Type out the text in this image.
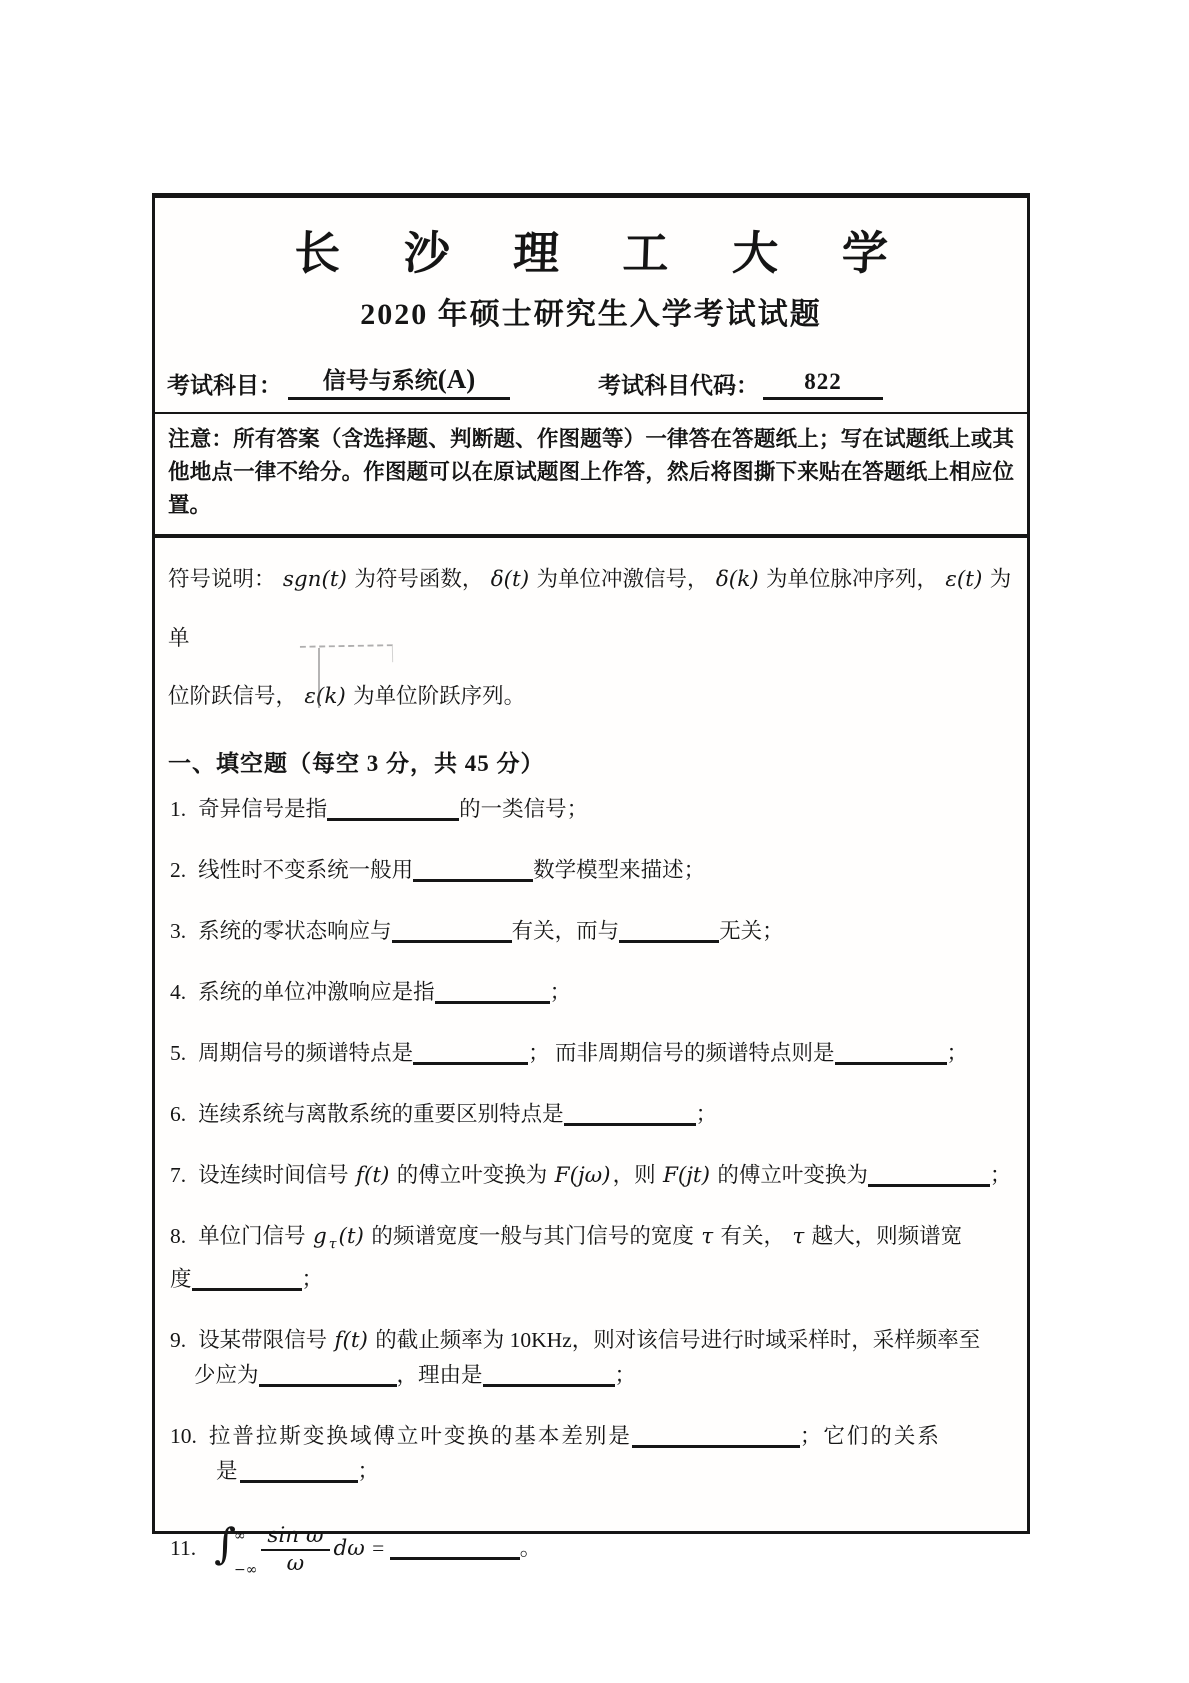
长 沙 理 工 大 学
2020 年硕士研究生入学考试试题
考试科目：	信号与系统(A)	考试科目代码：	822
注意：所有答案（含选择题、判断题、作图题等）一律答在答题纸上；写在试题纸上或其他地点一律不给分。作图题可以在原试题图上作答，然后将图撕下来贴在答题纸上相应位置。
符号说明： sgn(t) 为符号函数， δ(t) 为单位冲激信号， δ(k) 为单位脉冲序列， ε(t) 为单
位阶跃信号， ε(k) 为单位阶跃序列。
一、填空题（每空 3 分，共 45 分）
1. 奇异信号是指	的一类信号；
2. 线性时不变系统一般用	数学模型来描述；
3. 系统的零状态响应与	有关，而与	无关；
4. 系统的单位冲激响应是指	；
5. 周期信号的频谱特点是	； 而非周期信号的频谱特点则是	；
6. 连续系统与离散系统的重要区别特点是	；
7. 设连续时间信号 f(t) 的傅立叶变换为 F(jω)，则 F(jt) 的傅立叶变换为	；
8. 单位门信号 g $_\tau$(t) 的频谱宽度一般与其门信号的宽度 τ 有关， τ 越大，则频谱宽
度	；
9. 设某带限信号 f(t) 的截止频率为 10KHz，则对该信号进行时域采样时，采样频率至
少应为	，理由是	；
10. 拉普拉斯变换域傅立叶变换的基本差别是	；它们的关系
是	；
11. ∫
∞
−∞ $\frac{\text{sin ω}}{\omega}$ dω =	。
